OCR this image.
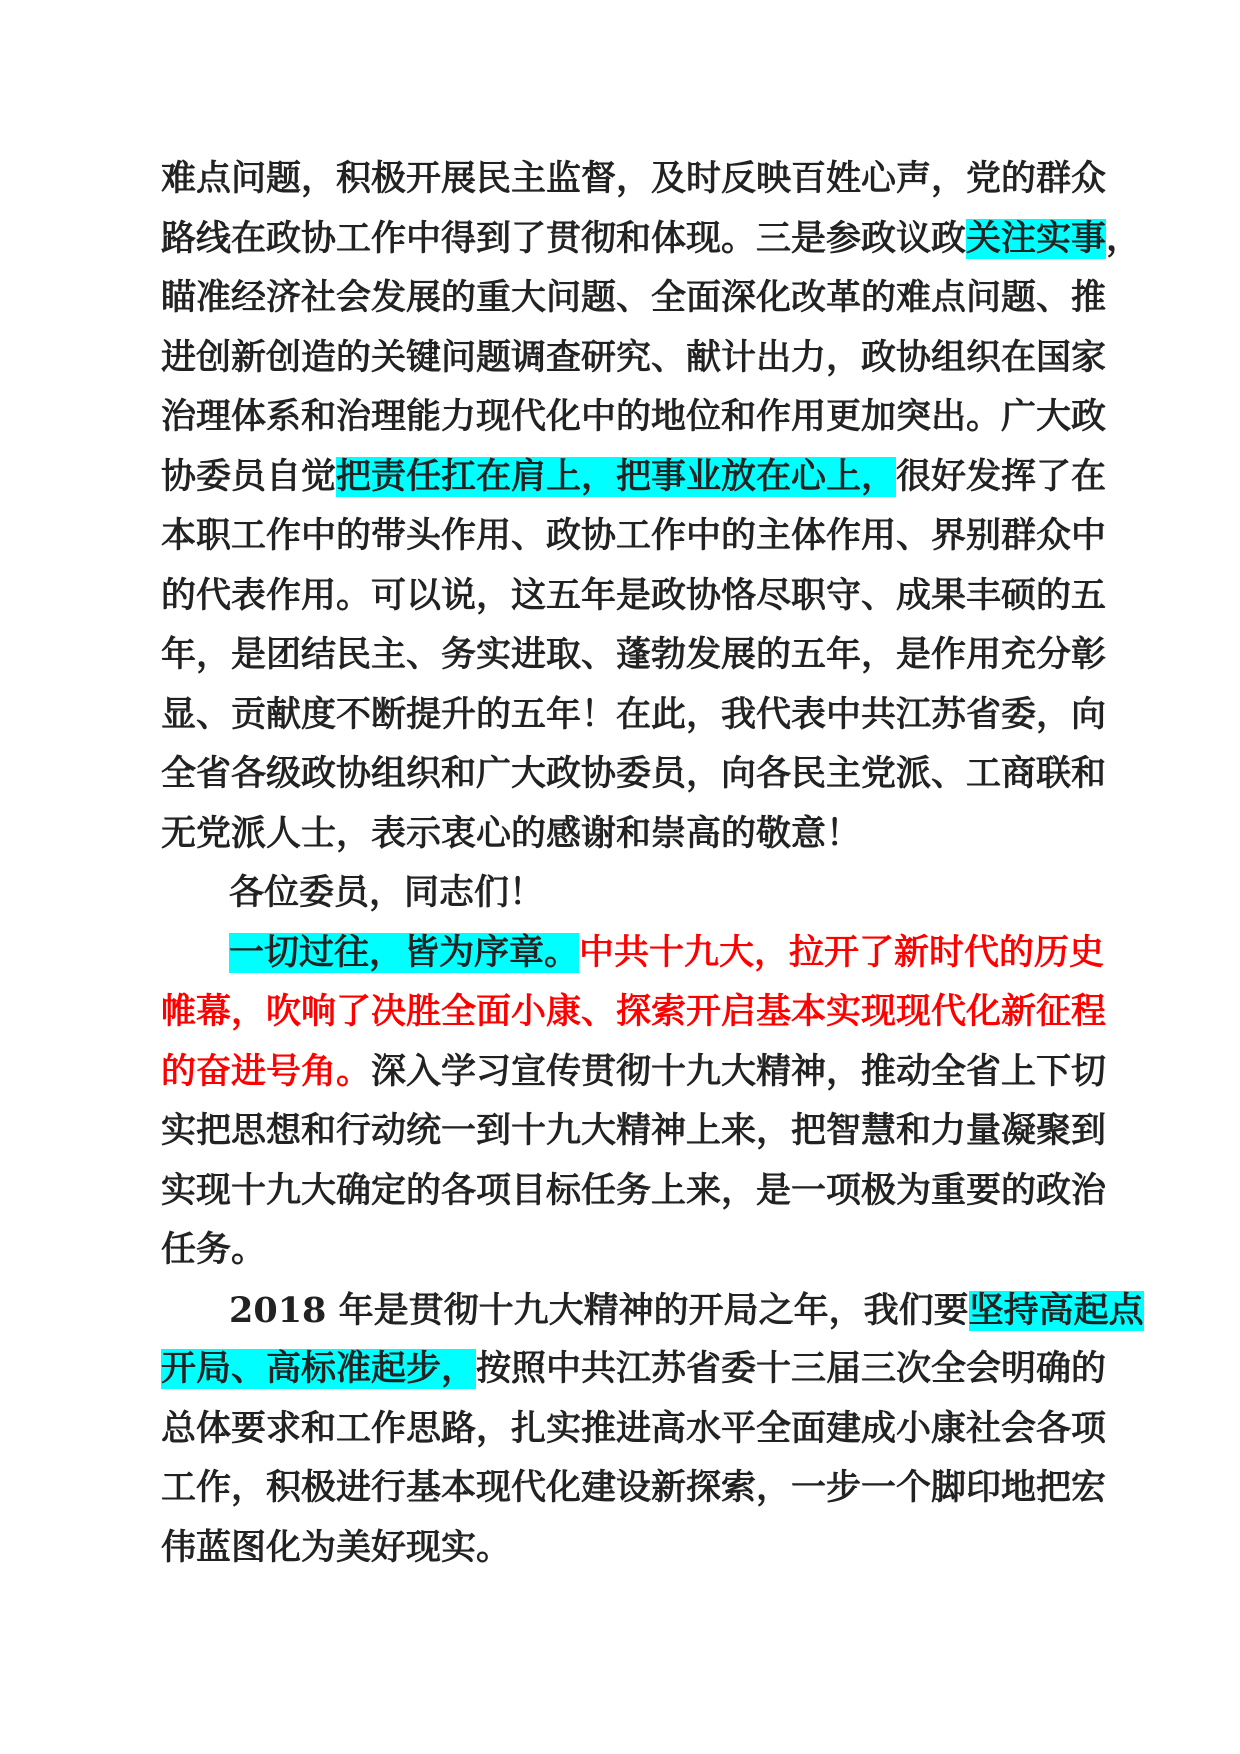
难点问题，积极开展民主监督，及时反映百姓心声，党的群众
路线在政协工作中得到了贯彻和体现。三是参政议政关注实事，
瞄准经济社会发展的重大问题、全面深化改革的难点问题、推
进创新创造的关键问题调查研究、献计出力，政协组织在国家
治理体系和治理能力现代化中的地位和作用更加突出。广大政
协委员自觉把责任扛在肩上，把事业放在心上，很好发挥了在
本职工作中的带头作用、政协工作中的主体作用、界别群众中
的代表作用。可以说，这五年是政协恪尽职守、成果丰硕的五
年，是团结民主、务实进取、蓬勃发展的五年，是作用充分彰
显、贡献度不断提升的五年！在此，我代表中共江苏省委，向
全省各级政协组织和广大政协委员，向各民主党派、工商联和
无党派人士，表示衷心的感谢和崇高的敬意！
各位委员，同志们！
一切过往，皆为序章。中共十九大，拉开了新时代的历史
帷幕，吹响了决胜全面小康、探索开启基本实现现代化新征程
的奋进号角。深入学习宣传贯彻十九大精神，推动全省上下切
实把思想和行动统一到十九大精神上来，把智慧和力量凝聚到
实现十九大确定的各项目标任务上来，是一项极为重要的政治
任务。
2018 年是贯彻十九大精神的开局之年，我们要坚持高起点
开局、高标准起步，按照中共江苏省委十三届三次全会明确的
总体要求和工作思路，扎实推进高水平全面建成小康社会各项
工作，积极进行基本现代化建设新探索，一步一个脚印地把宏
伟蓝图化为美好现实。
